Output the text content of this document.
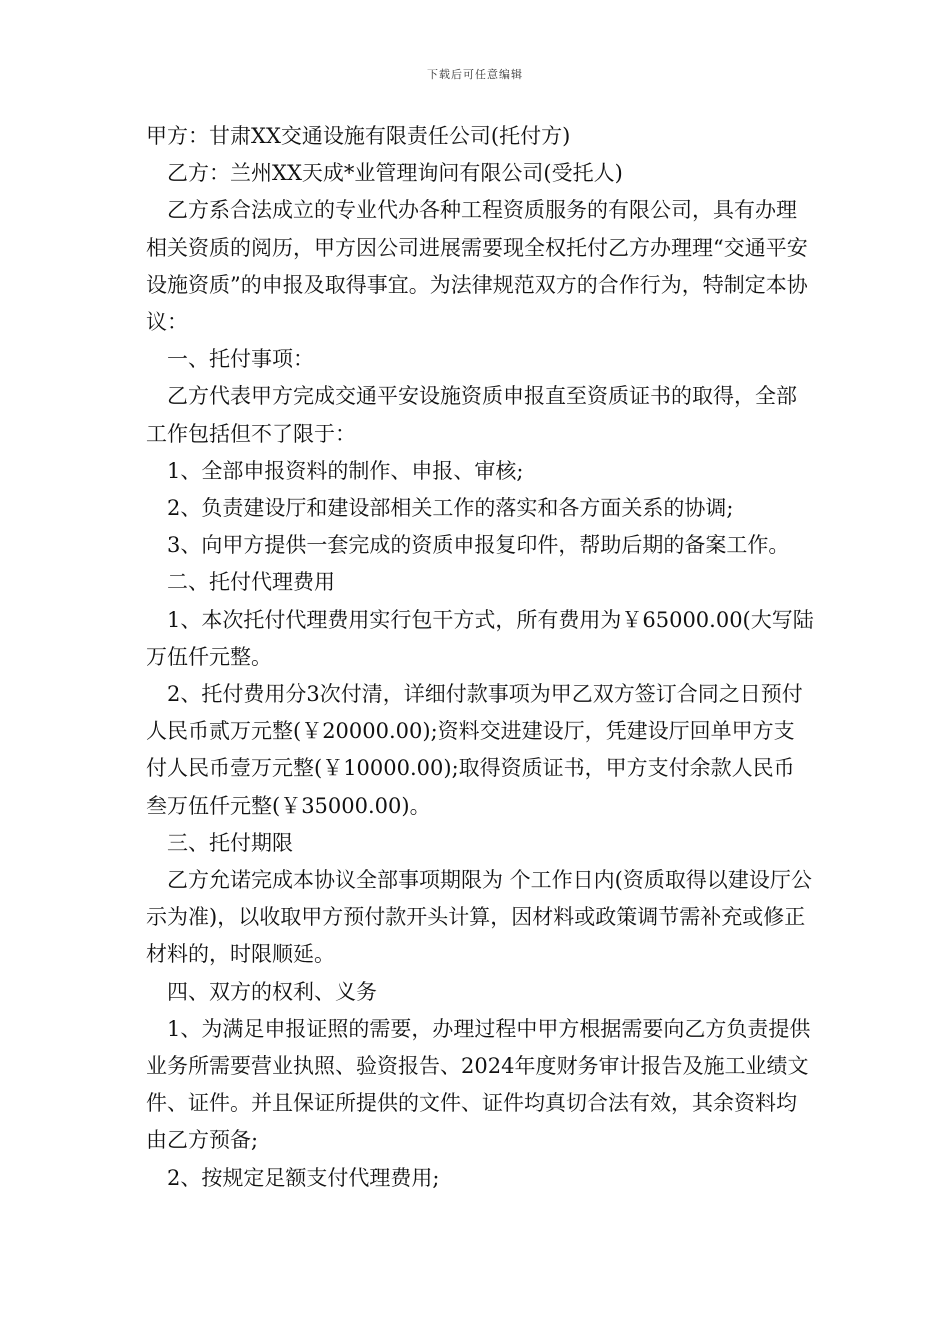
下载后可任意编辑

甲方：甘肃XX交通设施有限责任公司(托付方)

乙方：兰州XX天成*业管理询问有限公司(受托人)

乙方系合法成立的专业代办各种工程资质服务的有限公司，具有办理相关资质的阅历，甲方因公司进展需要现全权托付乙方办理理“交通平安设施资质”的申报及取得事宜。为法律规范双方的合作行为，特制定本协议：

一、托付事项：

乙方代表甲方完成交通平安设施资质申报直至资质证书的取得，全部工作包括但不了限于：

1、全部申报资料的制作、申报、审核;

2、负责建设厅和建设部相关工作的落实和各方面关系的协调;

3、向甲方提供一套完成的资质申报复印件，帮助后期的备案工作。

二、托付代理费用

1、本次托付代理费用实行包干方式，所有费用为￥65000.00(大写陆万伍仟元整。

2、托付费用分3次付清，详细付款事项为甲乙双方签订合同之日预付人民币贰万元整(￥20000.00);资料交进建设厅，凭建设厅回单甲方支付人民币壹万元整(￥10000.00);取得资质证书，甲方支付余款人民币叁万伍仟元整(￥35000.00)。

三、托付期限

乙方允诺完成本协议全部事项期限为 个工作日内(资质取得以建设厅公示为准)，以收取甲方预付款开头计算，因材料或政策调节需补充或修正材料的，时限顺延。

四、双方的权利、义务

1、为满足申报证照的需要，办理过程中甲方根据需要向乙方负责提供业务所需要营业执照、验资报告、2024年度财务审计报告及施工业绩文件、证件。并且保证所提供的文件、证件均真切合法有效，其余资料均由乙方预备;

2、按规定足额支付代理费用;
